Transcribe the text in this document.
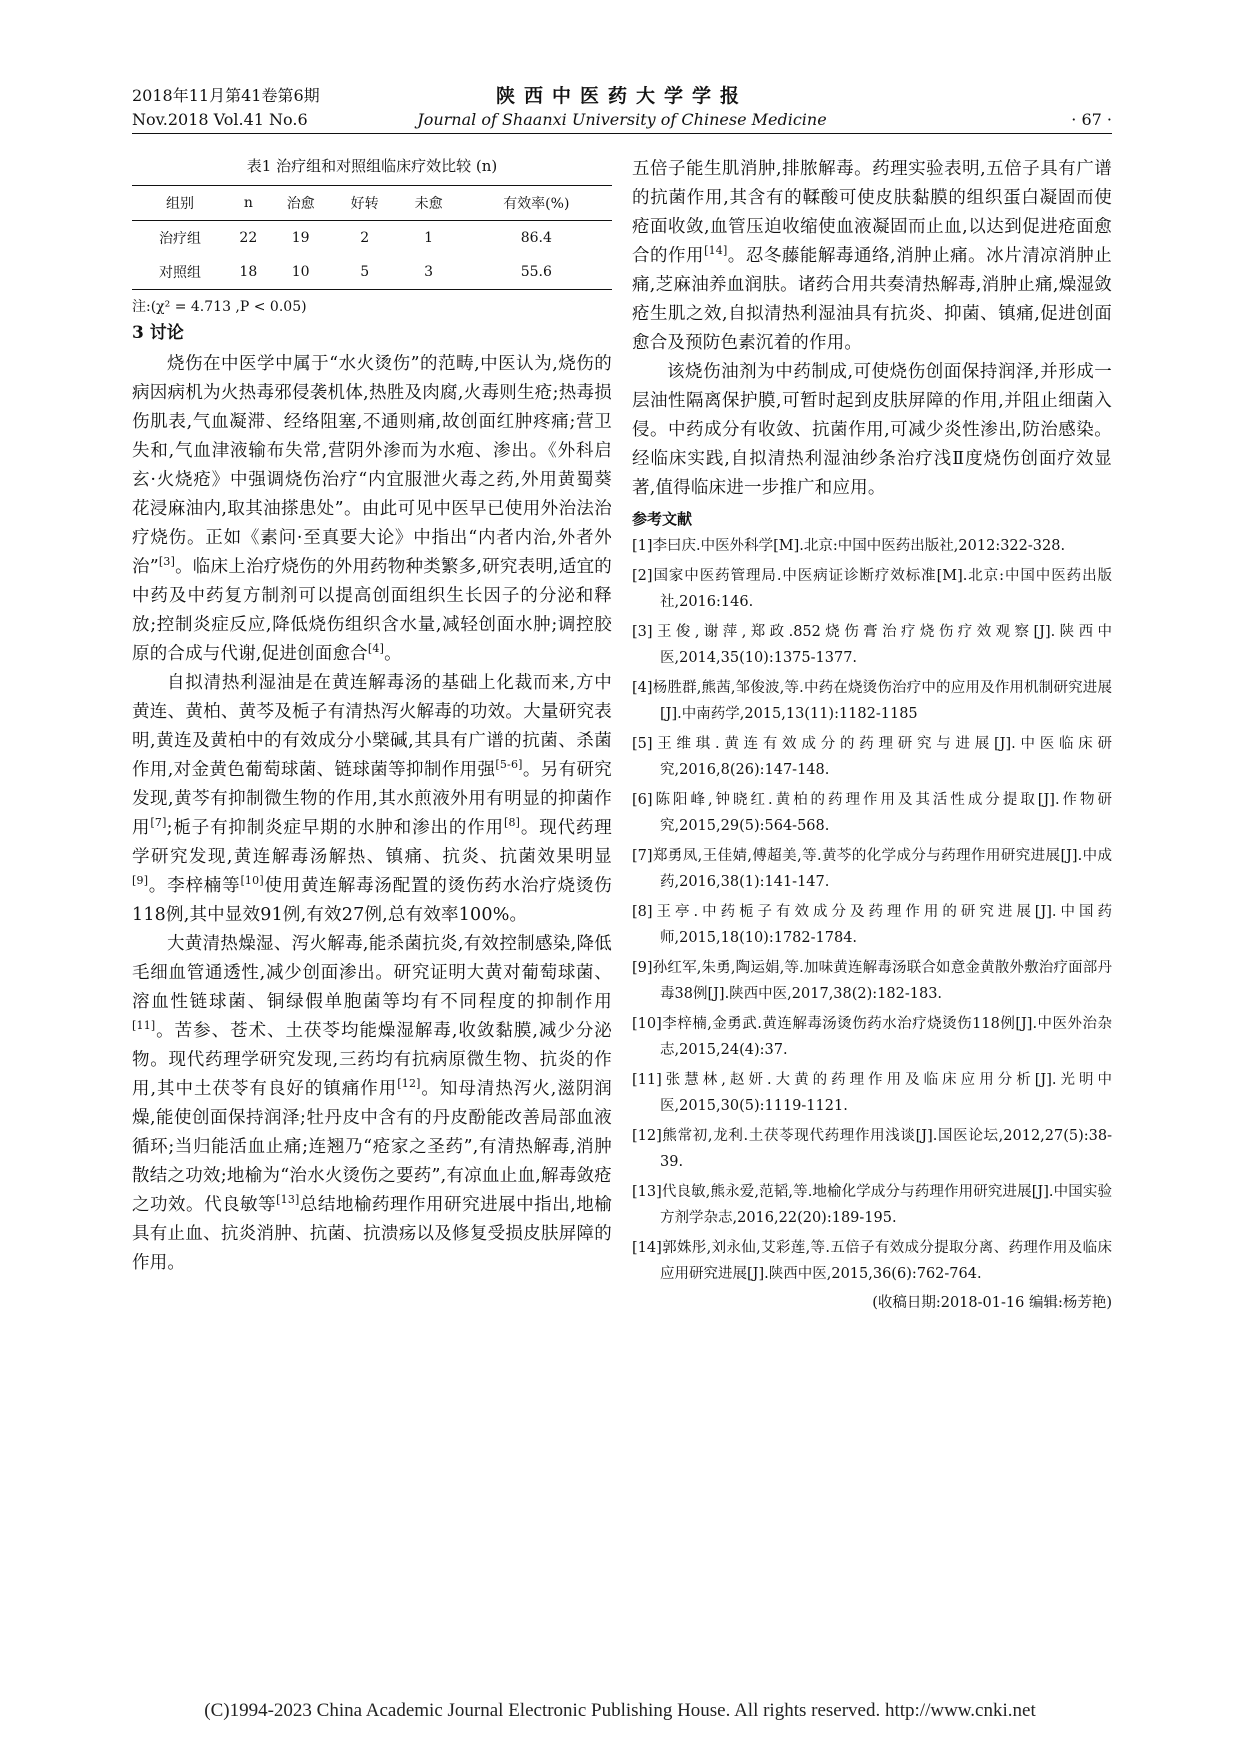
2018年11月第41卷第6期
Nov.2018 Vol.41 No.6
陕西中医药大学学报
Journal of Shaanxi University of Chinese Medicine	· 67 ·
表1 治疗组和对照组临床疗效比较 (n)
组别	n	治愈	好转	未愈	有效率(%)
治疗组	22	19	2	1	86.4
对照组	18	10	5	3	55.6
注:(χ² = 4.713 ,P < 0.05)
3 讨论

烧伤在中医学中属于“水火烫伤”的范畴,中医认为,烧伤的病因病机为火热毒邪侵袭机体,热胜及肉腐,火毒则生疮;热毒损伤肌表,气血凝滞、经络阻塞,不通则痛,故创面红肿疼痛;营卫失和,气血津液输布失常,营阴外渗而为水疱、渗出。《外科启玄·火烧疮》中强调烧伤治疗“内宜服泄火毒之药,外用黄蜀葵花浸麻油内,取其油搽患处”。由此可见中医早已使用外治法治疗烧伤。正如《素问·至真要大论》中指出“内者内治,外者外治”[3]。临床上治疗烧伤的外用药物种类繁多,研究表明,适宜的中药及中药复方制剂可以提高创面组织生长因子的分泌和释放;控制炎症反应,降低烧伤组织含水量,减轻创面水肿;调控胶原的合成与代谢,促进创面愈合[4]。

自拟清热利湿油是在黄连解毒汤的基础上化裁而来,方中黄连、黄柏、黄芩及栀子有清热泻火解毒的功效。大量研究表明,黄连及黄柏中的有效成分小檗碱,其具有广谱的抗菌、杀菌作用,对金黄色葡萄球菌、链球菌等抑制作用强[5-6]。另有研究发现,黄芩有抑制微生物的作用,其水煎液外用有明显的抑菌作用[7];栀子有抑制炎症早期的水肿和渗出的作用[8]。现代药理学研究发现,黄连解毒汤解热、镇痛、抗炎、抗菌效果明显[9]。李梓楠等[10]使用黄连解毒汤配置的烫伤药水治疗烧烫伤118例,其中显效91例,有效27例,总有效率100%。

大黄清热燥湿、泻火解毒,能杀菌抗炎,有效控制感染,降低毛细血管通透性,减少创面渗出。研究证明大黄对葡萄球菌、溶血性链球菌、铜绿假单胞菌等均有不同程度的抑制作用[11]。苦参、苍术、土茯苓均能燥湿解毒,收敛黏膜,减少分泌物。现代药理学研究发现,三药均有抗病原微生物、抗炎的作用,其中土茯苓有良好的镇痛作用[12]。知母清热泻火,滋阴润燥,能使创面保持润泽;牡丹皮中含有的丹皮酚能改善局部血液循环;当归能活血止痛;连翘乃“疮家之圣药”,有清热解毒,消肿散结之功效;地榆为“治水火烫伤之要药”,有凉血止血,解毒敛疮之功效。代良敏等[13]总结地榆药理作用研究进展中指出,地榆具有止血、抗炎消肿、抗菌、抗溃疡以及修复受损皮肤屏障的作用。

五倍子能生肌消肿,排脓解毒。药理实验表明,五倍子具有广谱的抗菌作用,其含有的鞣酸可使皮肤黏膜的组织蛋白凝固而使疮面收敛,血管压迫收缩使血液凝固而止血,以达到促进疮面愈合的作用[14]。忍冬藤能解毒通络,消肿止痛。冰片清凉消肿止痛,芝麻油养血润肤。诸药合用共奏清热解毒,消肿止痛,燥湿敛疮生肌之效,自拟清热利湿油具有抗炎、抑菌、镇痛,促进创面愈合及预防色素沉着的作用。

该烧伤油剂为中药制成,可使烧伤创面保持润泽,并形成一层油性隔离保护膜,可暂时起到皮肤屏障的作用,并阻止细菌入侵。中药成分有收敛、抗菌作用,可减少炎性渗出,防治感染。经临床实践,自拟清热利湿油纱条治疗浅Ⅱ度烧伤创面疗效显著,值得临床进一步推广和应用。

参考文献
[1]李曰庆.中医外科学[M].北京:中国中医药出版社,2012:322-328.
[2]国家中医药管理局.中医病证诊断疗效标准[M].北京:中国中医药出版社,2016:146.
[3]王俊,谢萍,郑政.852烧伤膏治疗烧伤疗效观察[J].陕西中医,2014,35(10):1375-1377.
[4]杨胜群,熊茜,邹俊波,等.中药在烧烫伤治疗中的应用及作用机制研究进展[J].中南药学,2015,13(11):1182-1185
[5]王维琪.黄连有效成分的药理研究与进展[J].中医临床研究,2016,8(26):147-148.
[6]陈阳峰,钟晓红.黄柏的药理作用及其活性成分提取[J].作物研究,2015,29(5):564-568.
[7]郑勇凤,王佳婧,傅超美,等.黄芩的化学成分与药理作用研究进展[J].中成药,2016,38(1):141-147.
[8]王亭.中药栀子有效成分及药理作用的研究进展[J].中国药师,2015,18(10):1782-1784.
[9]孙红军,朱勇,陶运娟,等.加味黄连解毒汤联合如意金黄散外敷治疗面部丹毒38例[J].陕西中医,2017,38(2):182-183.
[10]李梓楠,金勇武.黄连解毒汤烫伤药水治疗烧烫伤118例[J].中医外治杂志,2015,24(4):37.
[11]张慧林,赵妍.大黄的药理作用及临床应用分析[J].光明中医,2015,30(5):1119-1121.
[12]熊常初,龙利.土茯苓现代药理作用浅谈[J].国医论坛,2012,27(5):38-39.
[13]代良敏,熊永爱,范韬,等.地榆化学成分与药理作用研究进展[J].中国实验方剂学杂志,2016,22(20):189-195.
[14]郭姝彤,刘永仙,艾彩莲,等.五倍子有效成分提取分离、药理作用及临床应用研究进展[J].陕西中医,2015,36(6):762-764.
(收稿日期:2018-01-16 编辑:杨芳艳)
(C)1994-2023 China Academic Journal Electronic Publishing House. All rights reserved. http://www.cnki.net
